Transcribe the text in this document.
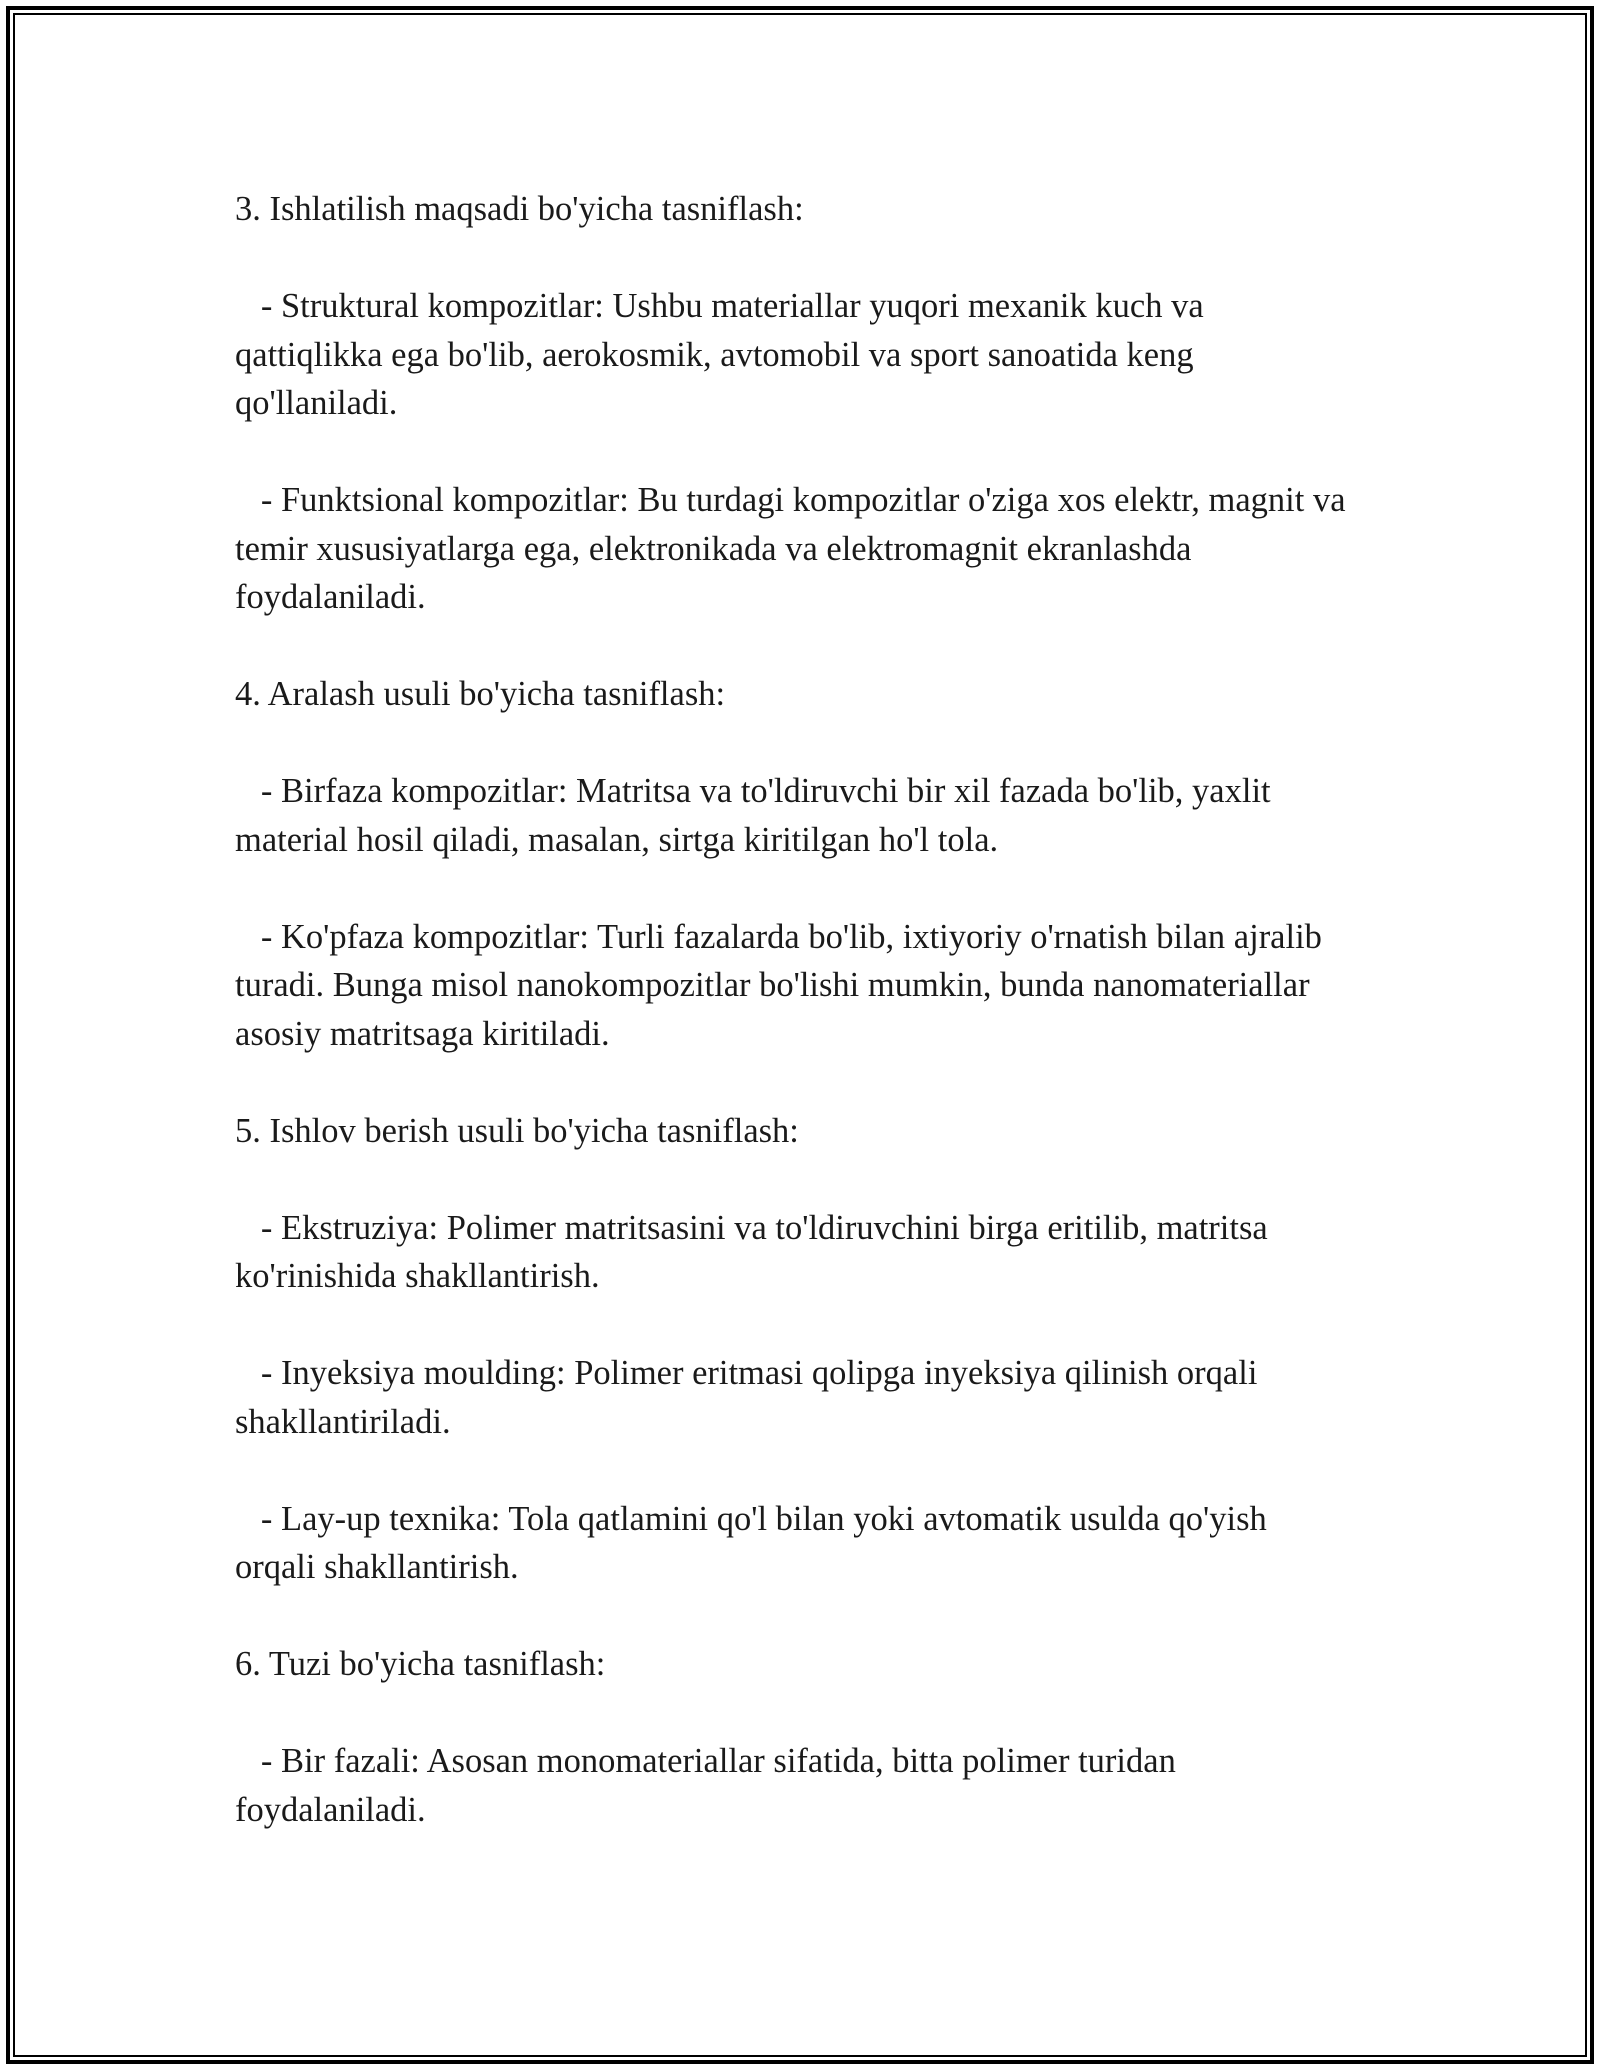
3. Ishlatilish maqsadi bo'yicha tasniflash:

- Struktural kompozitlar: Ushbu materiallar yuqori mexanik kuch va qattiqlikka ega bo'lib, aerokosmik, avtomobil va sport sanoatida keng qo'llaniladi.

- Funktsional kompozitlar: Bu turdagi kompozitlar o'ziga xos elektr, magnit va temir xususiyatlarga ega, elektronikada va elektromagnit ekranlashda foydalaniladi.

4. Aralash usuli bo'yicha tasniflash:

- Birfaza kompozitlar: Matritsa va to'ldiruvchi bir xil fazada bo'lib, yaxlit material hosil qiladi, masalan, sirtga kiritilgan ho'l tola.

- Ko'pfaza kompozitlar: Turli fazalarda bo'lib, ixtiyoriy o'rnatish bilan ajralib turadi. Bunga misol nanokompozitlar bo'lishi mumkin, bunda nanomateriallar asosiy matritsaga kiritiladi.

5. Ishlov berish usuli bo'yicha tasniflash:

- Ekstruziya: Polimer matritsasini va to'ldiruvchini birga eritilib, matritsa ko'rinishida shakllantirish.

- Inyeksiya moulding: Polimer eritmasi qolipga inyeksiya qilinish orqali shakllantiriladi.

- Lay-up texnika: Tola qatlamini qo'l bilan yoki avtomatik usulda qo'yish orqali shakllantirish.

6. Tuzi bo'yicha tasniflash:

- Bir fazali: Asosan monomateriallar sifatida, bitta polimer turidan foydalaniladi.
